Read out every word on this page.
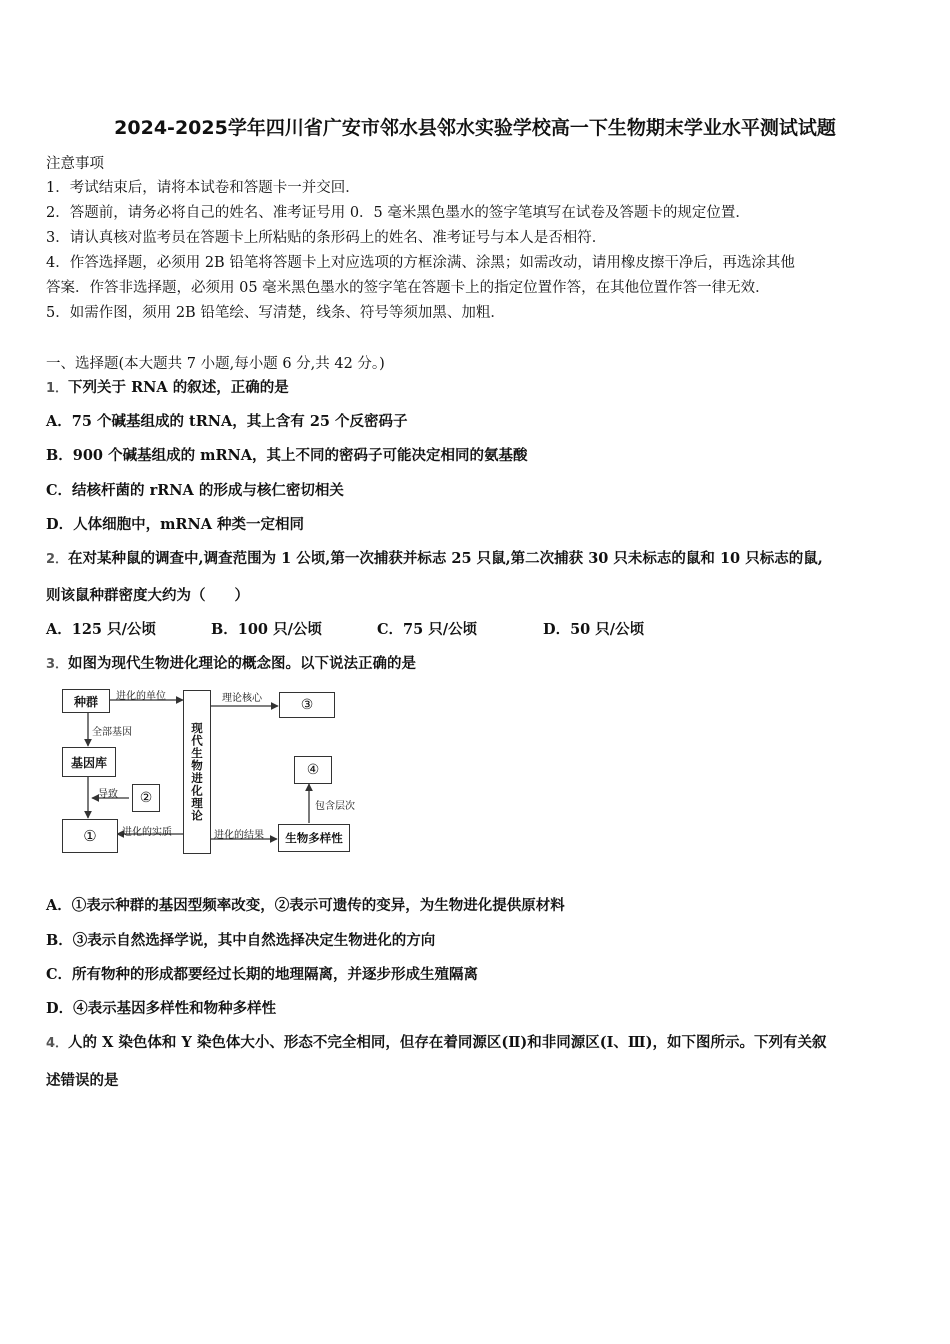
2024-2025学年四川省广安市邻水县邻水实验学校高一下生物期末学业水平测试试题
注意事项
1．考试结束后，请将本试卷和答题卡一并交回．
2．答题前，请务必将自己的姓名、准考证号用 0．5 毫米黑色墨水的签字笔填写在试卷及答题卡的规定位置．
3．请认真核对监考员在答题卡上所粘贴的条形码上的姓名、准考证号与本人是否相符．
4．作答选择题，必须用 2B 铅笔将答题卡上对应选项的方框涂满、涂黑；如需改动，请用橡皮擦干净后，再选涂其他
答案．作答非选择题，必须用 05 毫米黑色墨水的签字笔在答题卡上的指定位置作答，在其他位置作答一律无效．
5．如需作图，须用 2B 铅笔绘、写清楚，线条、符号等须加黑、加粗．
一、选择题(本大题共 7 小题,每小题 6 分,共 42 分。)
1．下列关于 RNA 的叙述，正确的是
A．75 个碱基组成的 tRNA，其上含有 25 个反密码子
B．900 个碱基组成的 mRNA，其上不同的密码子可能决定相同的氨基酸
C．结核杆菌的 rRNA 的形成与核仁密切相关
D．人体细胞中，mRNA 种类一定相同
2．在对某种鼠的调查中,调查范围为 1 公顷,第一次捕获并标志 25 只鼠,第二次捕获 30 只未标志的鼠和 10 只标志的鼠,
则该鼠种群密度大约为（　　）
A．125 只/公顷	B．100 只/公顷	C．75 只/公顷	D．50 只/公顷
3．如图为现代生物进化理论的概念图。以下说法正确的是
种群	进化的单位
全部基因
基因库
②
导致
①	进化的实质
现代生物进化理论
理论核心	③
④
包含层次
进化的结果	生物多样性
A．①表示种群的基因型频率改变，②表示可遗传的变异，为生物进化提供原材料
B．③表示自然选择学说，其中自然选择决定生物进化的方向
C．所有物种的形成都要经过长期的地理隔离，并逐步形成生殖隔离
D．④表示基因多样性和物种多样性
4．人的 X 染色体和 Y 染色体大小、形态不完全相同，但存在着同源区(Ⅱ)和非同源区(Ⅰ、Ⅲ)，如下图所示。下列有关叙
述错误的是
